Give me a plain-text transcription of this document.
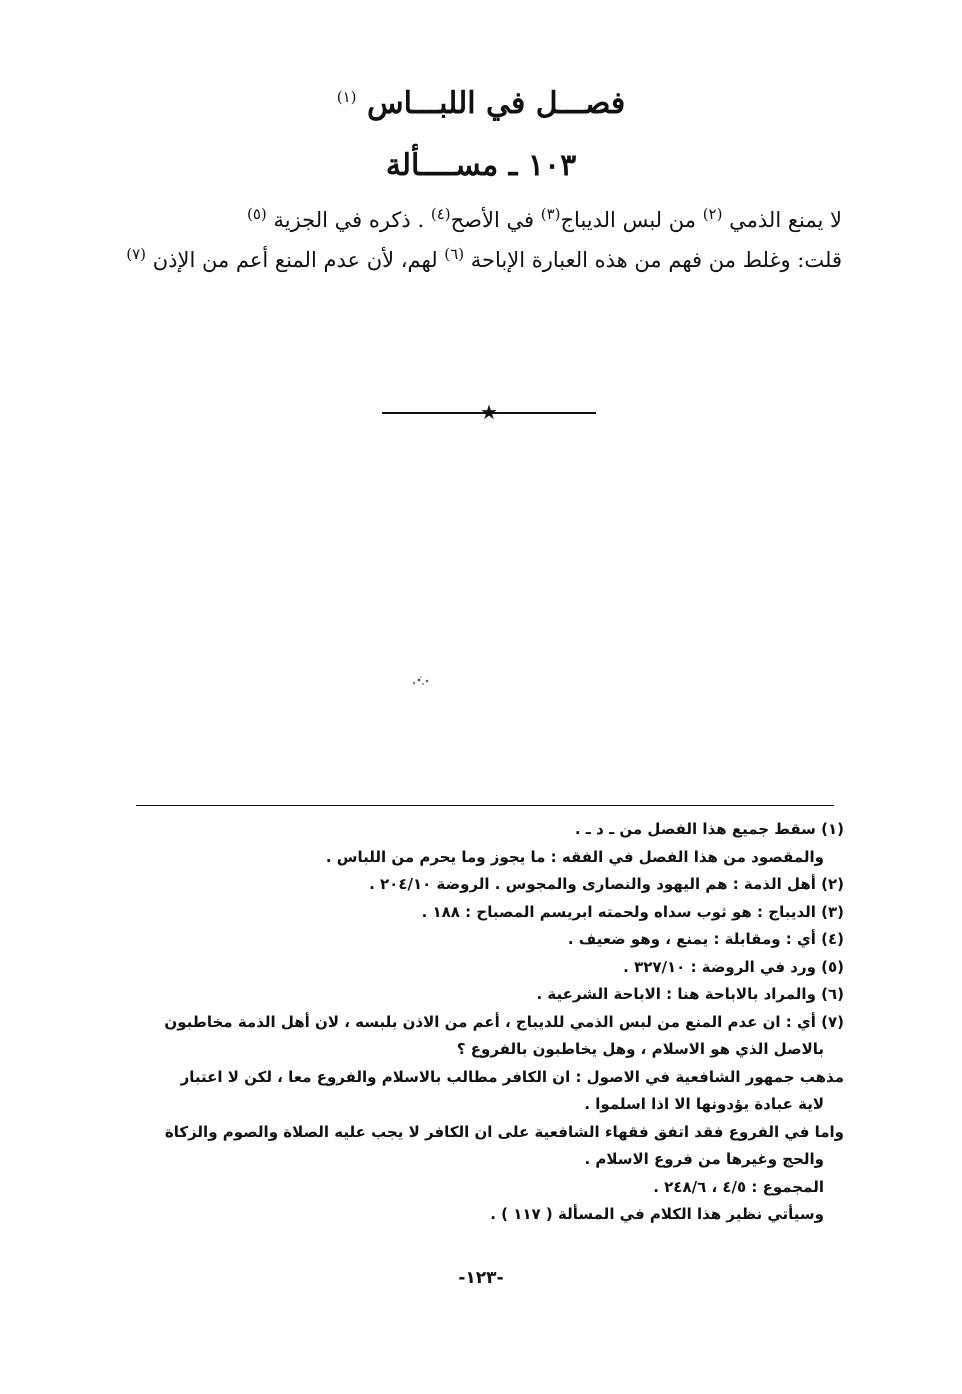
فصـــل في اللبـــاس $^{(١)}$
١٠٣ ـ مســــألة
لا يمنع الذمي $^{(٢)}$ من لبس الديباج$^{(٣)}$ في الأصح$^{(٤)}$ . ذكره في الجزية $^{(٥)}$
قلت: وغلط من فهم من هذه العبارة الإباحة $^{(٦)}$ لهم، لأن عدم المنع أعم من الإذن $^{(٧)}$
★
(١) سقط جميع هذا الفصل من ـ د ـ .
والمقصود من هذا الفصل في الفقه : ما يجوز وما يحرم من اللباس .
(٢) أهل الذمة : هم اليهود والنصارى والمجوس . الروضة ٢٠٤/١٠ .
(٣) الديباج : هو ثوب سداه ولحمته ابريسم المصباح : ١٨٨ .
(٤) أي : ومقابلة : يمنع ، وهو ضعيف .
(٥) ورد في الروضة : ٣٢٧/١٠ .
(٦) والمراد بالاباحة هنا : الاباحة الشرعية .
(٧) أي : ان عدم المنع من لبس الذمي للديباج ، أعم من الاذن بلبسه ، لان أهل الذمة مخاطبون
بالاصل الذي هو الاسلام ، وهل يخاطبون بالفروع ؟
مذهب جمهور الشافعية في الاصول : ان الكافر مطالب بالاسلام والفروع معا ، لكن لا اعتبار
لاية عبادة يؤدونها الا اذا اسلموا .
واما في الفروع فقد اتفق فقهاء الشافعية على ان الكافر لا يجب عليه الصلاة والصوم والزكاة
والحج وغيرها من فروع الاسلام .
المجموع : ٤/٥ ، ٢٤٨/٦ .
وسيأتي نظير هذا الكلام في المسألة ( ١١٧ ) .
-١٢٣-
